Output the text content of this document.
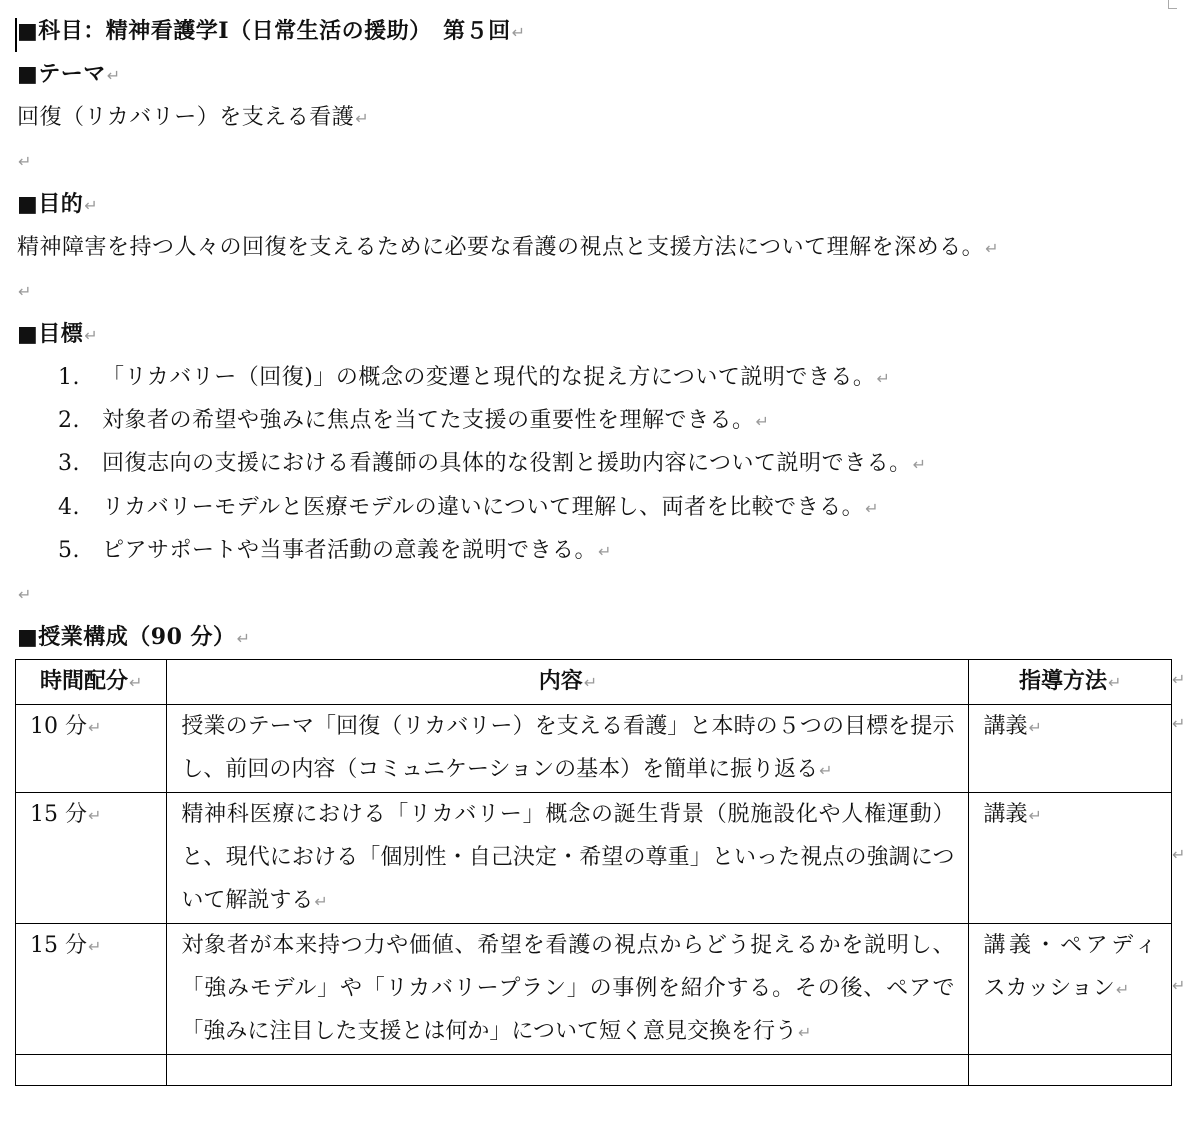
■科目：精神看護学Ⅰ（日常生活の援助）　第５回↵
■テーマ↵
回復（リカバリー）を支える看護↵
↵
■目的↵
精神障害を持つ人々の回復を支えるために必要な看護の視点と支援方法について理解を深める。↵
↵
■目標↵
1. 「リカバリー（回復)」の概念の変遷と現代的な捉え方について説明できる。↵
2. 対象者の希望や強みに焦点を当てた支援の重要性を理解できる。↵
3. 回復志向の支援における看護師の具体的な役割と援助内容について説明できる。↵
4. リカバリーモデルと医療モデルの違いについて理解し、両者を比較できる。↵
5. ピアサポートや当事者活動の意義を説明できる。↵
↵
■授業構成（90 分）↵
時間配分↵	内容↵	指導方法↵
10 分↵	授業のテーマ「回復（リカバリー）を支える看護」と本時の５つの目標を提示し、前回の内容（コミュニケーションの基本）を簡単に振り返る↵	講義↵
15 分↵	精神科医療における「リカバリー」概念の誕生背景（脱施設化や人権運動）と、現代における「個別性・自己決定・希望の尊重」といった視点の強調について解説する↵	講義↵
15 分↵	対象者が本来持つ力や価値、希望を看護の視点からどう捉えるかを説明し、「強みモデル」や「リカバリープラン」の事例を紹介する。その後、ペアで「強みに注目した支援とは何か」について短く意見交換を行う↵	講義・ペアディスカッション↵

↵
↵
↵
↵
